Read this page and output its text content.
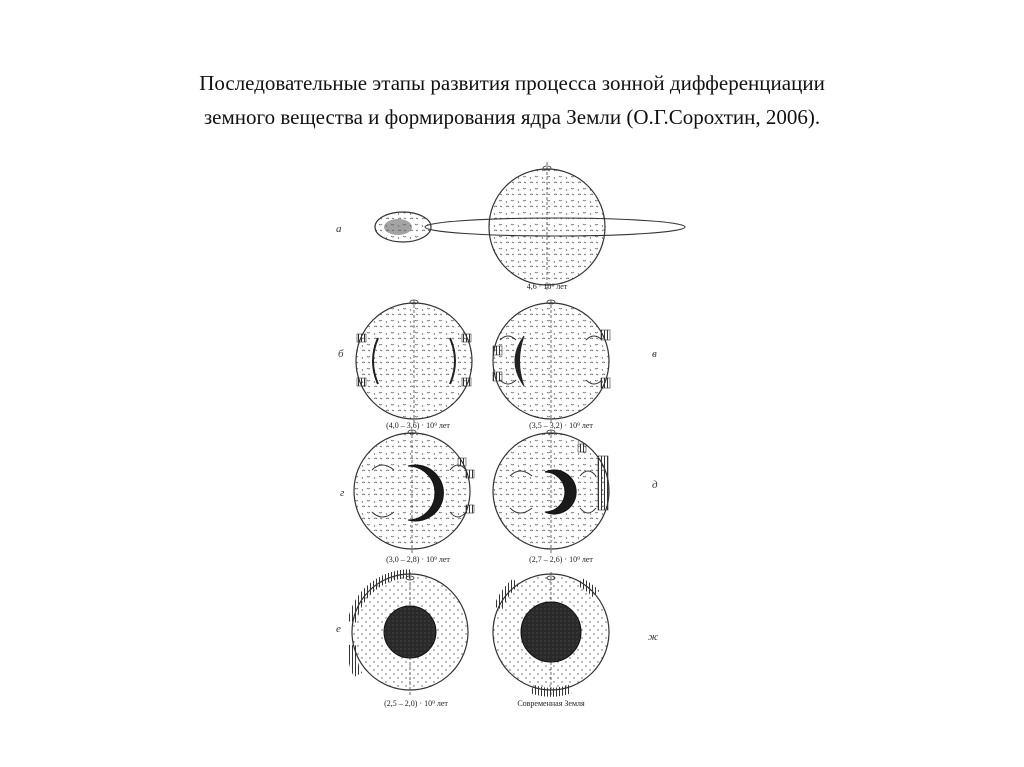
Последовательные этапы развития процесса зонной дифференциации
земного вещества и формирования ядра Земли (О.Г.Сорохтин, 2006).
а
4,6 · 10⁹ лет
б
(4,0 – 3,6) · 10⁹ лет
в
(3,5 – 3,2) · 10⁹ лет
г
(3,0 – 2,8) · 10⁹ лет
д
(2,7 – 2,6) · 10⁹ лет
е
(2,5 – 2,0) · 10⁹ лет
ж
Современная Земля
